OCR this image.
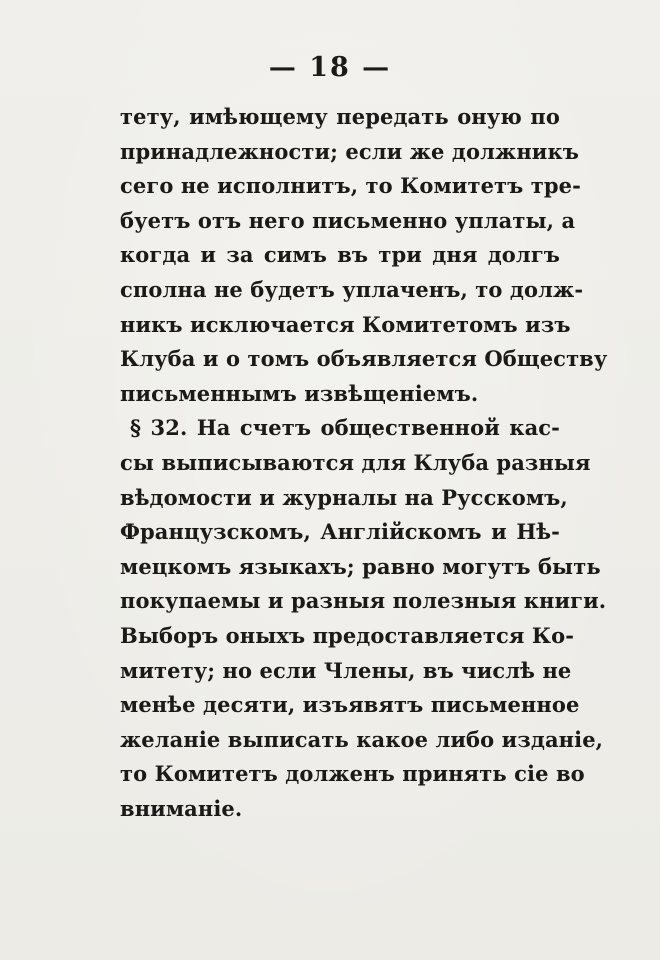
— 18 —
тету, имѣющему передать оную по
принадлежности; если же должникъ
сего не исполнитъ, то Комитетъ тре-
буетъ отъ него письменно уплаты, а
когда и за симъ въ три дня долгъ
сполна не будетъ уплаченъ, то долж-
никъ исключается Комитетомъ изъ
Клуба и о томъ объявляется Обществу
письменнымъ извѣщеніемъ.
§ 32. На счетъ общественной кас-
сы выписываются для Клуба разныя
вѣдомости и журналы на Русскомъ,
Французскомъ, Англійскомъ и Нѣ-
мецкомъ языкахъ; равно могутъ быть
покупаемы и разныя полезныя книги.
Выборъ оныхъ предоставляется Ко-
митету; но если Члены, въ числѣ не
менѣе десяти, изъявятъ письменное
желаніе выписать какое либо изданіе,
то Комитетъ долженъ принять сіе во
вниманіе.
